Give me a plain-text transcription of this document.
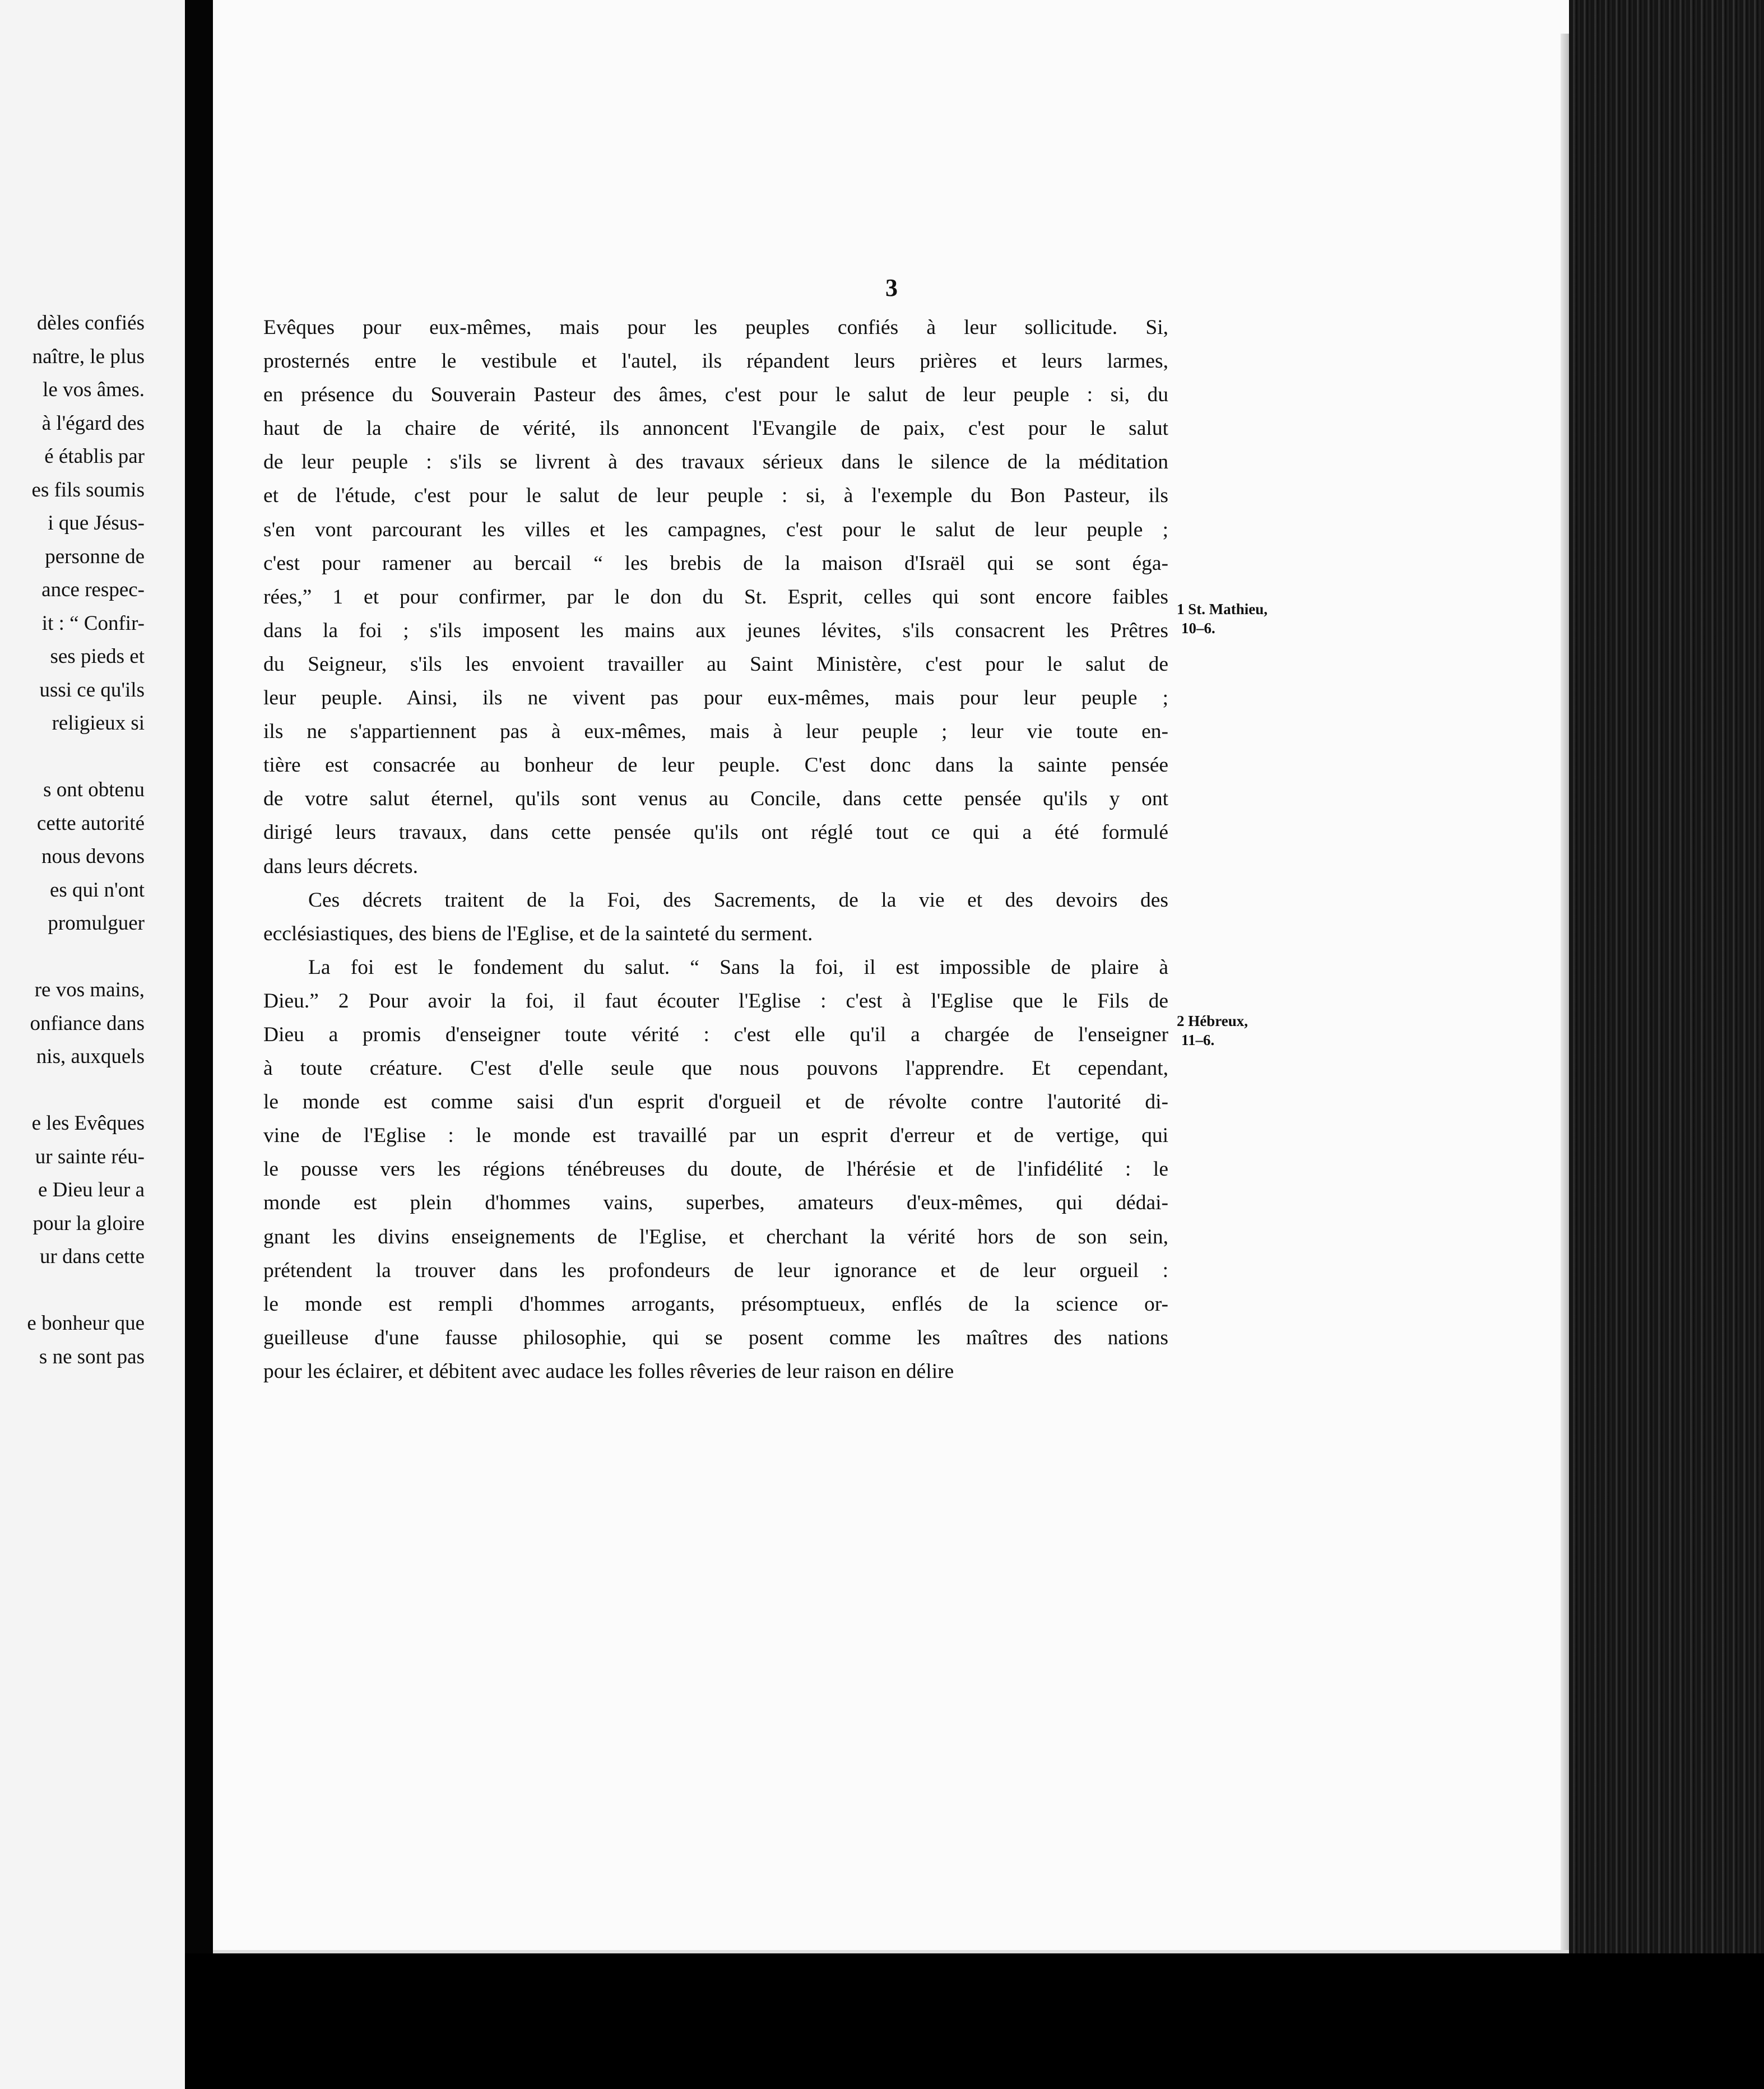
dèles confiés
naître, le plus
le vos âmes.
à l'égard des
é établis par
es fils soumis
i que Jésus-
personne de
ance respec-
it : “ Confir-
ses pieds et
ussi ce qu'ils
religieux si
s ont obtenu
cette autorité
nous devons
es qui n'ont
promulguer
re vos mains,
onfiance dans
nis, auxquels
e les Evêques
ur sainte réu-
e Dieu leur a
pour la gloire
ur dans cette
e bonheur que
s ne sont pas
3
Evêques pour eux-mêmes, mais pour les peuples confiés à leur sollicitude. Si,
prosternés entre le vestibule et l'autel, ils répandent leurs prières et leurs larmes,
en présence du Souverain Pasteur des âmes, c'est pour le salut de leur peuple : si, du
haut de la chaire de vérité, ils annoncent l'Evangile de paix, c'est pour le salut
de leur peuple : s'ils se livrent à des travaux sérieux dans le silence de la méditation
et de l'étude, c'est pour le salut de leur peuple : si, à l'exemple du Bon Pasteur, ils
s'en vont parcourant les villes et les campagnes, c'est pour le salut de leur peuple ;
c'est pour ramener au bercail “ les brebis de la maison d'Israël qui se sont éga-
rées,” 1 et pour confirmer, par le don du St. Esprit, celles qui sont encore faibles
dans la foi ; s'ils imposent les mains aux jeunes lévites, s'ils consacrent les Prêtres
du Seigneur, s'ils les envoient travailler au Saint Ministère, c'est pour le salut de
leur peuple. Ainsi, ils ne vivent pas pour eux-mêmes, mais pour leur peuple ;
ils ne s'appartiennent pas à eux-mêmes, mais à leur peuple ; leur vie toute en-
tière est consacrée au bonheur de leur peuple. C'est donc dans la sainte pensée
de votre salut éternel, qu'ils sont venus au Concile, dans cette pensée qu'ils y ont
dirigé leurs travaux, dans cette pensée qu'ils ont réglé tout ce qui a été formulé
dans leurs décrets.
Ces décrets traitent de la Foi, des Sacrements, de la vie et des devoirs des
ecclésiastiques, des biens de l'Eglise, et de la sainteté du serment.
La foi est le fondement du salut. “ Sans la foi, il est impossible de plaire à
Dieu.” 2 Pour avoir la foi, il faut écouter l'Eglise : c'est à l'Eglise que le Fils de
Dieu a promis d'enseigner toute vérité : c'est elle qu'il a chargée de l'enseigner
à toute créature. C'est d'elle seule que nous pouvons l'apprendre. Et cependant,
le monde est comme saisi d'un esprit d'orgueil et de révolte contre l'autorité di-
vine de l'Eglise : le monde est travaillé par un esprit d'erreur et de vertige, qui
le pousse vers les régions ténébreuses du doute, de l'hérésie et de l'infidélité : le
monde est plein d'hommes vains, superbes, amateurs d'eux-mêmes, qui dédai-
gnant les divins enseignements de l'Eglise, et cherchant la vérité hors de son sein,
prétendent la trouver dans les profondeurs de leur ignorance et de leur orgueil :
le monde est rempli d'hommes arrogants, présomptueux, enflés de la science or-
gueilleuse d'une fausse philosophie, qui se posent comme les maîtres des nations
pour les éclairer, et débitent avec audace les folles rêveries de leur raison en délire
1 St. Mathieu,
10–6.
2 Hébreux,
11–6.
